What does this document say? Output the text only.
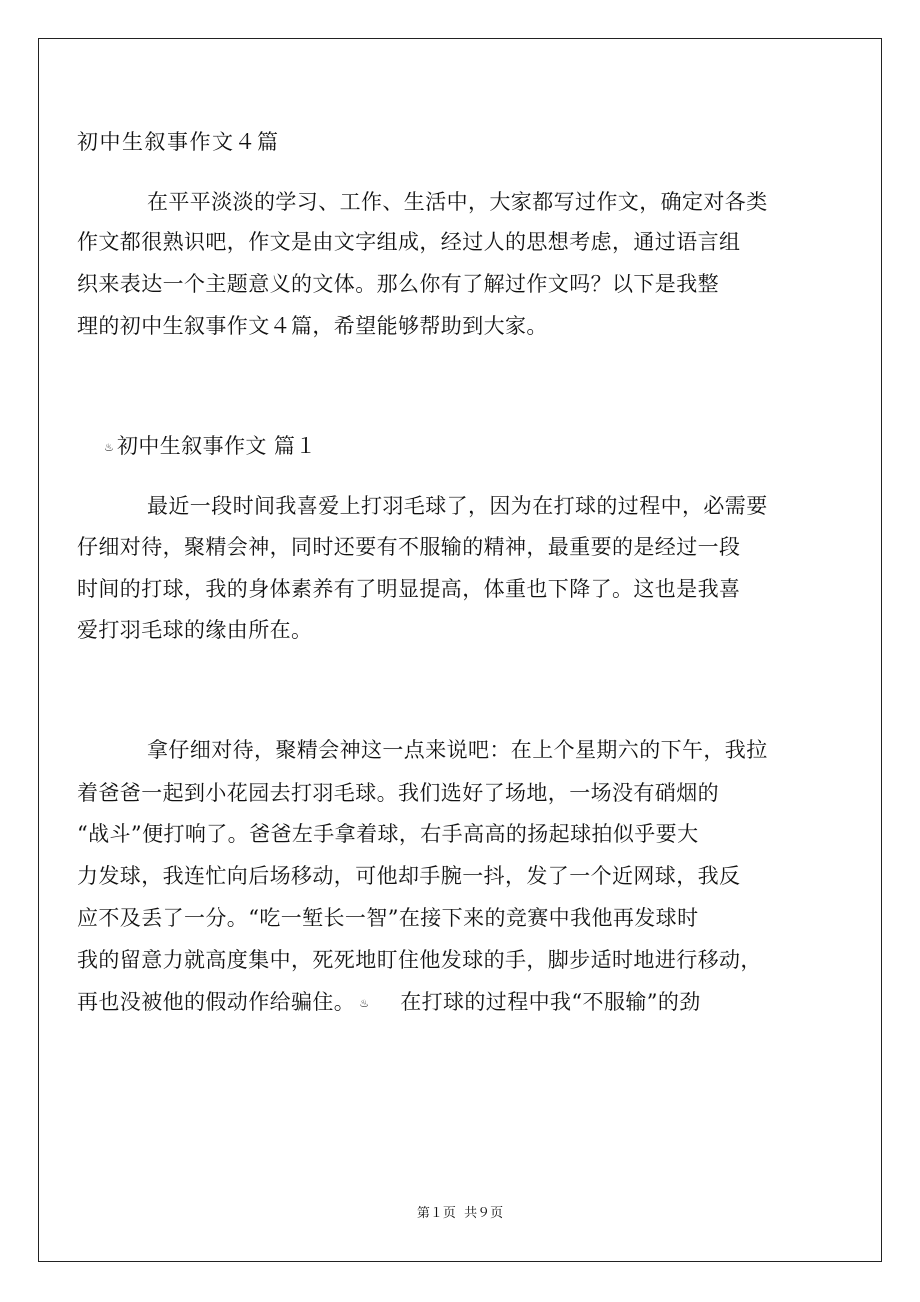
初中生叙事作文４篇
在平平淡淡的学习、工作、生活中，大家都写过作文，确定对各类
作文都很熟识吧，作文是由文字组成，经过人的思想考虑，通过语言组
织来表达一个主题意义的文体。那么你有了解过作文吗？以下是我整
理的初中生叙事作文４篇，希望能够帮助到大家。
♨ 初中生叙事作文 篇１
最近一段时间我喜爱上打羽毛球了，因为在打球的过程中，必需要
仔细对待，聚精会神，同时还要有不服输的精神，最重要的是经过一段
时间的打球，我的身体素养有了明显提高，体重也下降了。这也是我喜
爱打羽毛球的缘由所在。
拿仔细对待，聚精会神这一点来说吧：在上个星期六的下午，我拉
着爸爸一起到小花园去打羽毛球。我们选好了场地，一场没有硝烟的
“战斗”便打响了。爸爸左手拿着球，右手高高的扬起球拍似乎要大
力发球，我连忙向后场移动，可他却手腕一抖，发了一个近网球，我反
应不及丢了一分。“吃一堑长一智”在接下来的竞赛中我他再发球时
我的留意力就高度集中，死死地盯住他发球的手，脚步适时地进行移动，
再也没被他的假动作给骗住。 ♨ 在打球的过程中我“不服输”的劲
第１页 共９页
